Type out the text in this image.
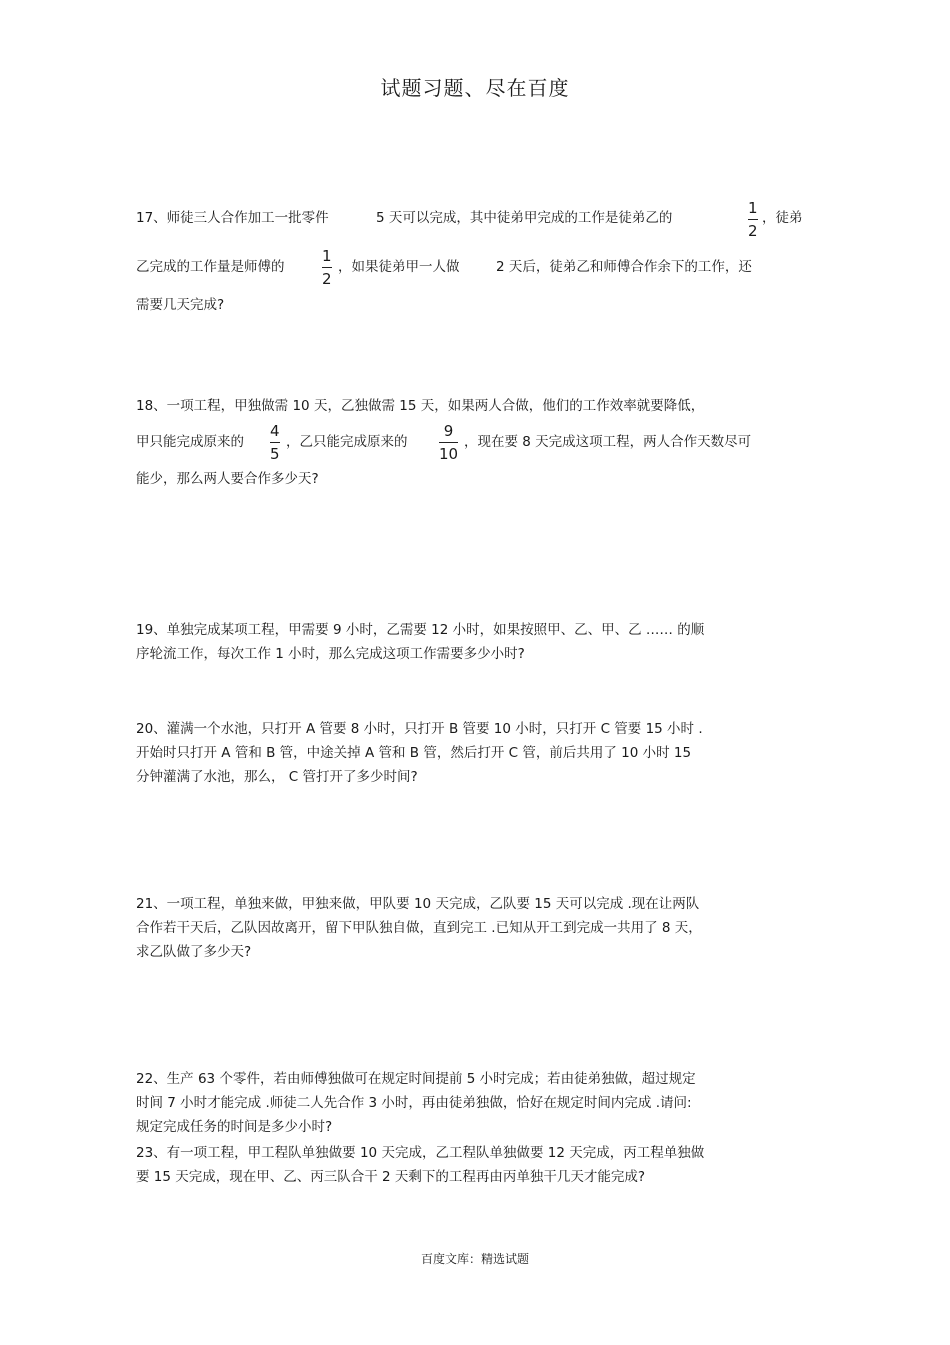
试题习题、尽在百度
17、师徒三人合作加工一批零件	5 天可以完成，其中徒弟甲完成的工作是徒弟乙的
1
2
，徒弟
乙完成的工作量是师傅的
1
2
，如果徒弟甲一人做	2 天后，徒弟乙和师傅合作余下的工作，还
需要几天完成?
18、一项工程，甲独做需 10 天，乙独做需 15 天，如果两人合做，他们的工作效率就要降低，
甲只能完成原来的
4
5
，乙只能完成原来的
9
10
，现在要 8 天完成这项工程，两人合作天数尽可
能少，那么两人要合作多少天?
19、单独完成某项工程，甲需要 9 小时，乙需要 12 小时，如果按照甲、乙、甲、乙 …… 的顺
序轮流工作，每次工作 1 小时，那么完成这项工作需要多少小时?
20、灌满一个水池，只打开 A 管要 8 小时，只打开 B 管要 10 小时，只打开 C 管要 15 小时 .
开始时只打开 A 管和 B 管，中途关掉 A 管和 B 管，然后打开 C 管，前后共用了 10 小时 15
分钟灌满了水池，那么， C 管打开了多少时间?
21、一项工程，单独来做，甲独来做，甲队要 10 天完成，乙队要 15 天可以完成 .现在让两队
合作若干天后，乙队因故离开，留下甲队独自做，直到完工 .已知从开工到完成一共用了 8 天，
求乙队做了多少天?
22、生产 63 个零件，若由师傅独做可在规定时间提前 5 小时完成；若由徒弟独做，超过规定
时间 7 小时才能完成 .师徒二人先合作 3 小时，再由徒弟独做，恰好在规定时间内完成 .请问:
规定完成任务的时间是多少小时?
23、有一项工程，甲工程队单独做要 10 天完成，乙工程队单独做要 12 天完成，丙工程单独做
要 15 天完成，现在甲、乙、丙三队合干 2 天剩下的工程再由丙单独干几天才能完成?
百度文库：精选试题
